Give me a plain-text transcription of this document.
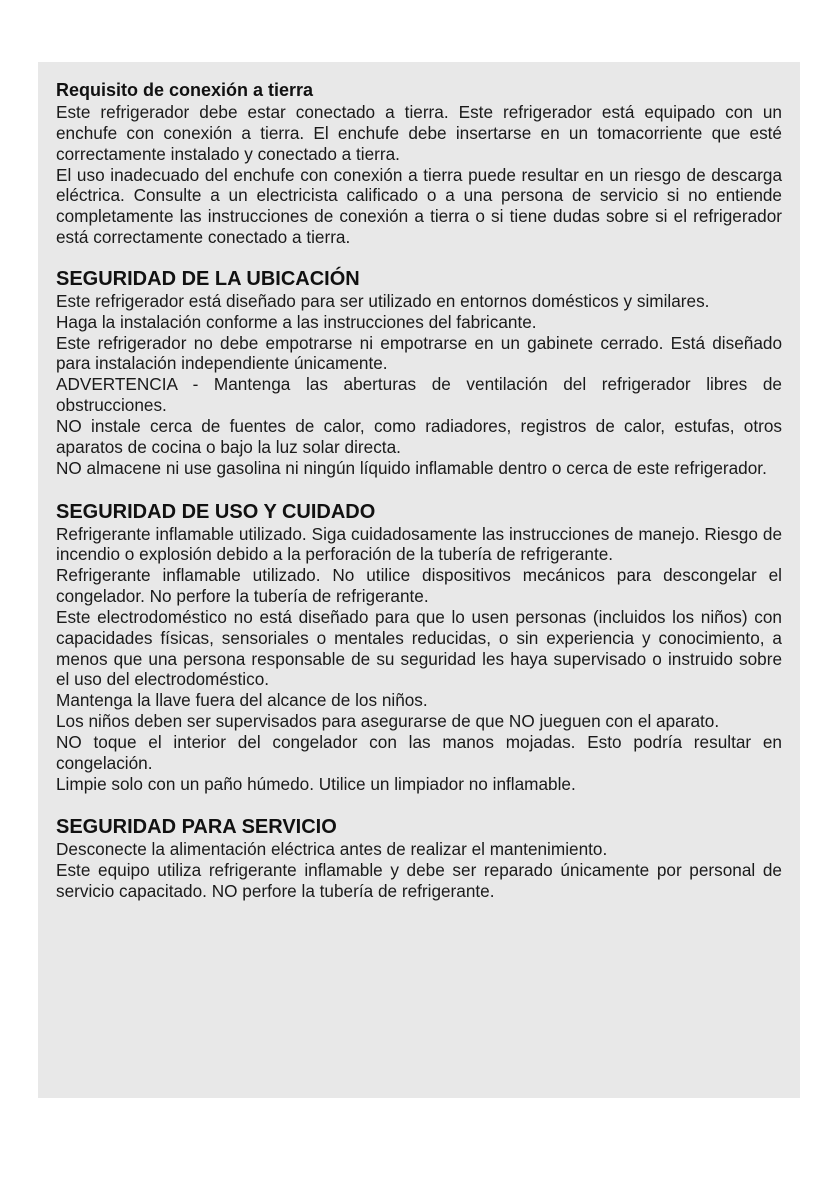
Requisito de conexión a tierra

Este refrigerador debe estar conectado a tierra. Este refrigerador está equipado con un enchufe con conexión a tierra. El enchufe debe insertarse en un tomacorriente que esté correctamente instalado y conectado a tierra.

El uso inadecuado del enchufe con conexión a tierra puede resultar en un riesgo de descarga eléctrica. Consulte a un electricista calificado o a una persona de servicio si no entiende completamente las instrucciones de conexión a tierra o si tiene dudas sobre si el refrigerador está correctamente conectado a tierra.

SEGURIDAD DE LA UBICACIÓN

Este refrigerador está diseñado para ser utilizado en entornos domésticos y similares.

Haga la instalación conforme a las instrucciones del fabricante.

Este refrigerador no debe empotrarse ni empotrarse en un gabinete cerrado. Está diseñado para instalación independiente únicamente.

ADVERTENCIA - Mantenga las aberturas de ventilación del refrigerador libres de obstrucciones.

NO instale cerca de fuentes de calor, como radiadores, registros de calor, estufas, otros aparatos de cocina o bajo la luz solar directa.

NO almacene ni use gasolina ni ningún líquido inflamable dentro o cerca de este refrigerador.

SEGURIDAD DE USO Y CUIDADO

Refrigerante inflamable utilizado. Siga cuidadosamente las instrucciones de manejo. Riesgo de incendio o explosión debido a la perforación de la tubería de refrigerante.

Refrigerante inflamable utilizado. No utilice dispositivos mecánicos para descongelar el congelador. No perfore la tubería de refrigerante.

Este electrodoméstico no está diseñado para que lo usen personas (incluidos los niños) con capacidades físicas, sensoriales o mentales reducidas, o sin experiencia y conocimiento, a menos que una persona responsable de su seguridad les haya supervisado o instruido sobre el uso del electrodoméstico.

Mantenga la llave fuera del alcance de los niños.

Los niños deben ser supervisados para asegurarse de que NO jueguen con el aparato.

NO toque el interior del congelador con las manos mojadas. Esto podría resultar en congelación.

Limpie solo con un paño húmedo. Utilice un limpiador no inflamable.

SEGURIDAD PARA SERVICIO

Desconecte la alimentación eléctrica antes de realizar el mantenimiento.

Este equipo utiliza refrigerante inflamable y debe ser reparado únicamente por personal de servicio capacitado. NO perfore la tubería de refrigerante.
